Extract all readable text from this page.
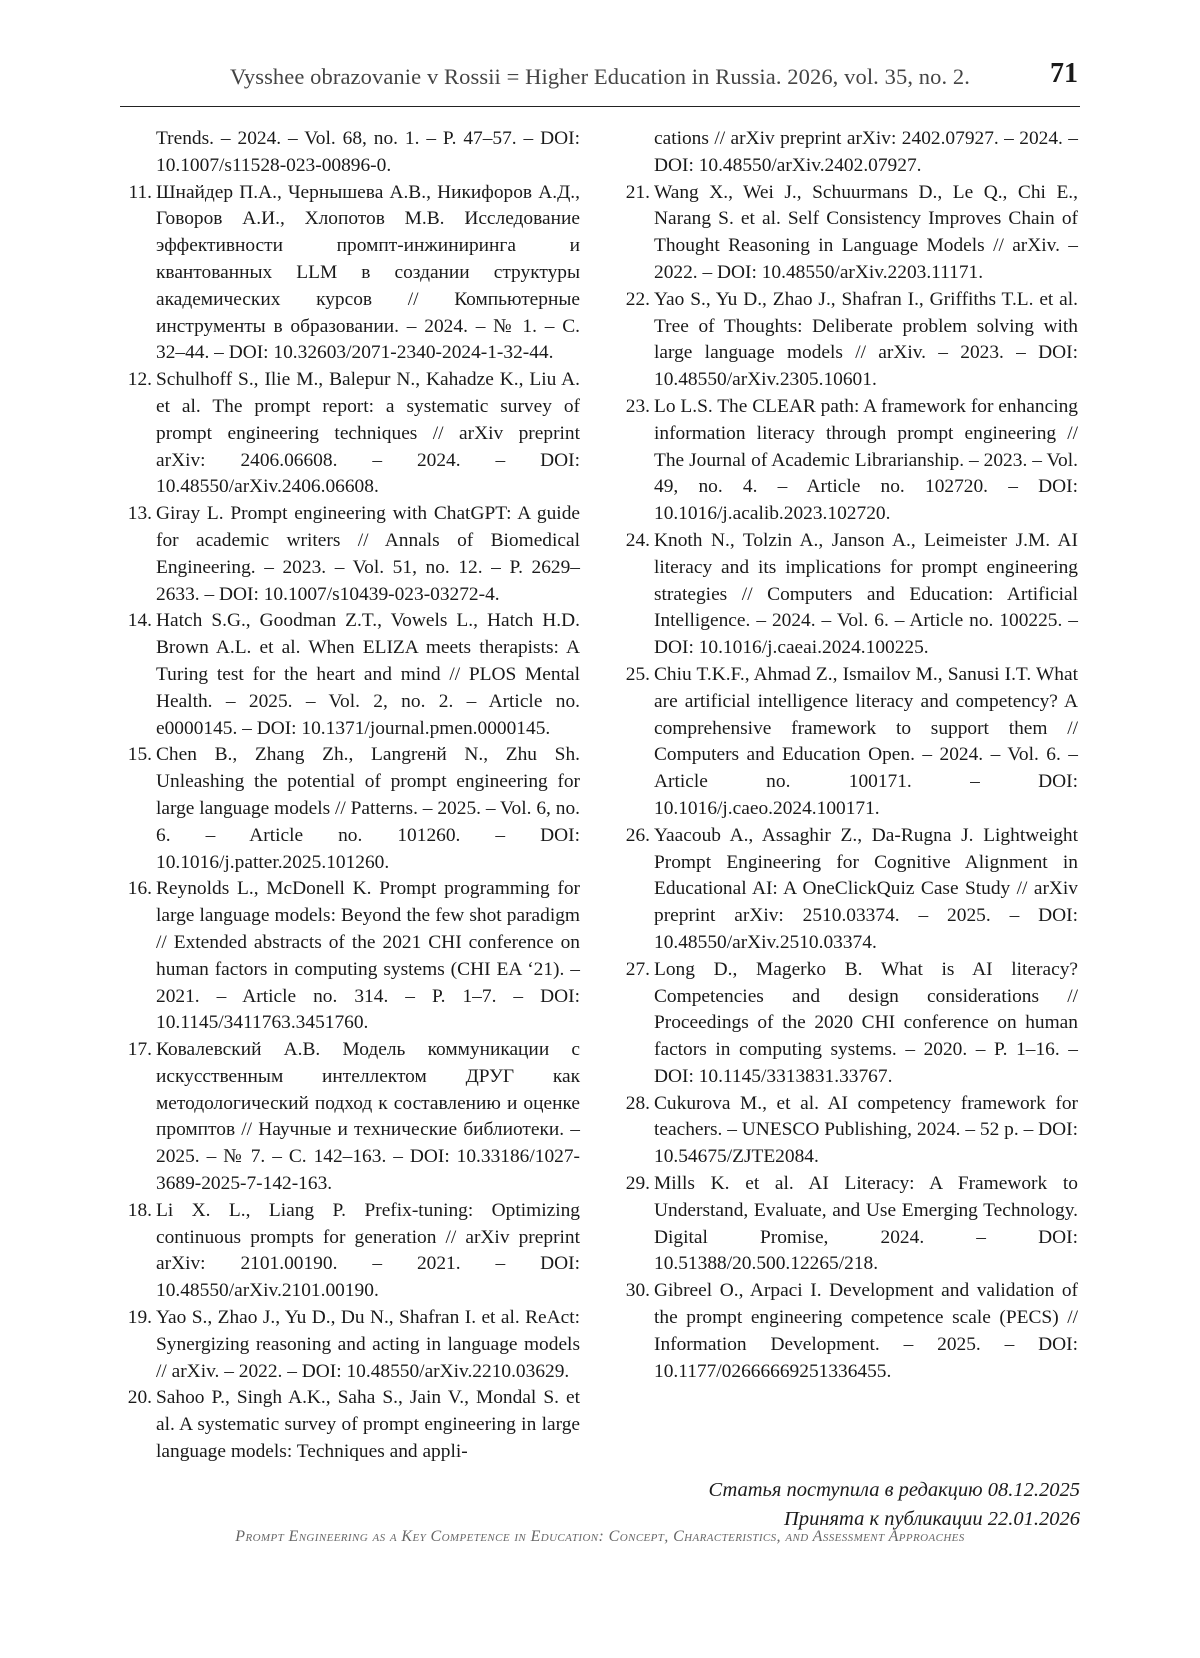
Vysshee obrazovanie v Rossii = Higher Education in Russia. 2026, vol. 35, no. 2.	71
Trends. – 2024. – Vol. 68, no. 1. – P. 47–57. – DOI: 10.1007/s11528-023-00896-0.
11. Шнайдер П.А., Чернышева А.В., Никифоров А.Д., Говоров А.И., Хлопотов М.В. Исследование эффективности промпт-инжиниринга и квантованных LLM в создании структуры академических курсов // Компьютерные инструменты в образовании. – 2024. – № 1. – С. 32–44. – DOI: 10.32603/2071-2340-2024-1-32-44.
12. Schulhoff S., Ilie M., Balepur N., Kahadze K., Liu A. et al. The prompt report: a systematic survey of prompt engineering techniques // arXiv preprint arXiv: 2406.06608. – 2024. – DOI: 10.48550/arXiv.2406.06608.
13. Giray L. Prompt engineering with ChatGPT: A guide for academic writers // Annals of Biomedical Engineering. – 2023. – Vol. 51, no. 12. – P. 2629–2633. – DOI: 10.1007/s10439-023-03272-4.
14. Hatch S.G., Goodman Z.T., Vowels L., Hatch H.D. Brown A.L. et al. When ELIZA meets therapists: A Turing test for the heart and mind // PLOS Mental Health. – 2025. – Vol. 2, no. 2. – Article no. e0000145. – DOI: 10.1371/journal.pmen.0000145.
15. Chen B., Zhang Zh., Langreнй N., Zhu Sh. Unleashing the potential of prompt engineering for large language models // Patterns. – 2025. – Vol. 6, no. 6. – Article no. 101260. – DOI: 10.1016/j.patter.2025.101260.
16. Reynolds L., McDonell K. Prompt programming for large language models: Beyond the few shot paradigm // Extended abstracts of the 2021 CHI conference on human factors in computing systems (CHI EA ‘21). – 2021. – Article no. 314. – P. 1–7. – DOI: 10.1145/3411763.3451760.
17. Ковалевский А.В. Модель коммуникации с искусственным интеллектом ДРУГ как методологический подход к составлению и оценке промптов // Научные и технические библиотеки. – 2025. – № 7. – С. 142–163. – DOI: 10.33186/1027-3689-2025-7-142-163.
18. Li X. L., Liang P. Prefix-tuning: Optimizing continuous prompts for generation // arXiv preprint arXiv: 2101.00190. – 2021. – DOI: 10.48550/arXiv.2101.00190.
19. Yao S., Zhao J., Yu D., Du N., Shafran I. et al. ReAct: Synergizing reasoning and acting in language models // arXiv. – 2022. – DOI: 10.48550/arXiv.2210.03629.
20. Sahoo P., Singh A.K., Saha S., Jain V., Mondal S. et al. A systematic survey of prompt engineering in large language models: Techniques and appli-
cations // arXiv preprint arXiv: 2402.07927. – 2024. – DOI: 10.48550/arXiv.2402.07927.
21. Wang X., Wei J., Schuurmans D., Le Q., Chi E., Narang S. et al. Self Consistency Improves Chain of Thought Reasoning in Language Models // arXiv. – 2022. – DOI: 10.48550/arXiv.2203.11171.
22. Yao S., Yu D., Zhao J., Shafran I., Griffiths T.L. et al. Tree of Thoughts: Deliberate problem solving with large language models // arXiv. – 2023. – DOI: 10.48550/arXiv.2305.10601.
23. Lo L.S. The CLEAR path: A framework for enhancing information literacy through prompt engineering // The Journal of Academic Librarianship. – 2023. – Vol. 49, no. 4. – Article no. 102720. – DOI: 10.1016/j.acalib.2023.102720.
24. Knoth N., Tolzin A., Janson A., Leimeister J.M. AI literacy and its implications for prompt engineering strategies // Computers and Education: Artificial Intelligence. – 2024. – Vol. 6. – Article no. 100225. – DOI: 10.1016/j.caeai.2024.100225.
25. Chiu T.K.F., Ahmad Z., Ismailov M., Sanusi I.T. What are artificial intelligence literacy and competency? A comprehensive framework to support them // Computers and Education Open. – 2024. – Vol. 6. – Article no. 100171. – DOI: 10.1016/j.caeo.2024.100171.
26. Yaacoub A., Assaghir Z., Da-Rugna J. Lightweight Prompt Engineering for Cognitive Alignment in Educational AI: A OneClickQuiz Case Study // arXiv preprint arXiv: 2510.03374. – 2025. – DOI: 10.48550/arXiv.2510.03374.
27. Long D., Magerko B. What is AI literacy? Competencies and design considerations // Proceedings of the 2020 CHI conference on human factors in computing systems. – 2020. – P. 1–16. – DOI: 10.1145/3313831.33767.
28. Cukurova M., et al. AI competency framework for teachers. – UNESCO Publishing, 2024. – 52 p. – DOI: 10.54675/ZJTE2084.
29. Mills K. et al. AI Literacy: A Framework to Understand, Evaluate, and Use Emerging Technology. Digital Promise, 2024. – DOI: 10.51388/20.500.12265/218.
30. Gibreel O., Arpaci I. Development and validation of the prompt engineering competence scale (PECS) // Information Development. – 2025. – DOI: 10.1177/02666669251336455.
Статья поступила в редакцию 08.12.2025
Принята к публикации 22.01.2026
Prompt Engineering as a Key Competence in Education: Concept, Characteristics, and Assessment Approaches
